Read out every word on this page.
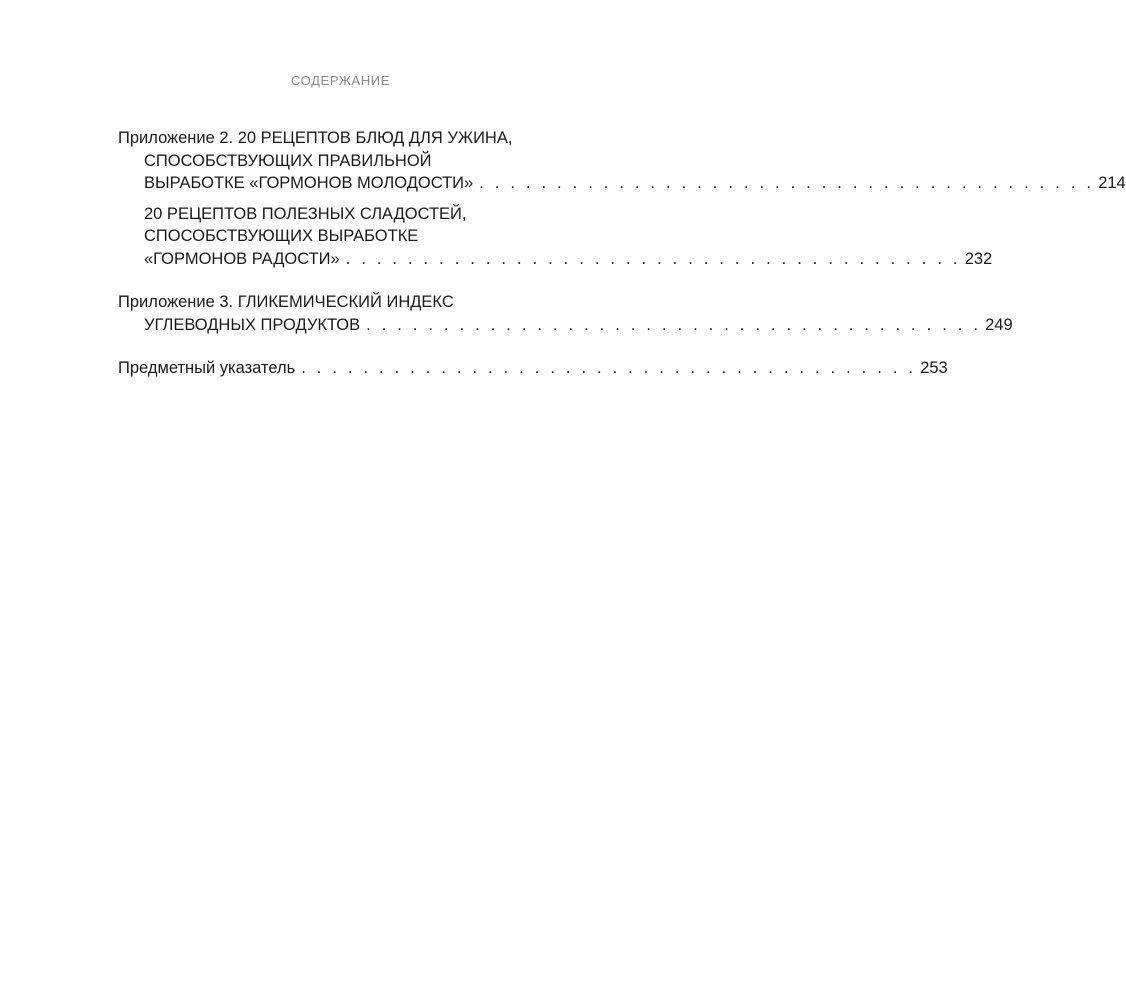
СОДЕРЖАНИЕ
Приложение 2. 20 РЕЦЕПТОВ БЛЮД ДЛЯ УЖИНА,
СПОСОБСТВУЮЩИХ ПРАВИЛЬНОЙ
ВЫРАБОТКЕ «ГОРМОНОВ МОЛОДОСТИ» . . . . . . . . . . . . . . . . . . . . . . . . . . . . . . . . . . . . . . . . 214
20 РЕЦЕПТОВ ПОЛЕЗНЫХ СЛАДОСТЕЙ,
СПОСОБСТВУЮЩИХ ВЫРАБОТКЕ
«ГОРМОНОВ РАДОСТИ» . . . . . . . . . . . . . . . . . . . . . . . . . . . . . . . . . . . . . . . . 232
Приложение 3. ГЛИКЕМИЧЕСКИЙ ИНДЕКС
УГЛЕВОДНЫХ ПРОДУКТОВ . . . . . . . . . . . . . . . . . . . . . . . . . . . . . . . . . . . . . . . . 249
Предметный указатель . . . . . . . . . . . . . . . . . . . . . . . . . . . . . . . . . . . . . . . . 253
